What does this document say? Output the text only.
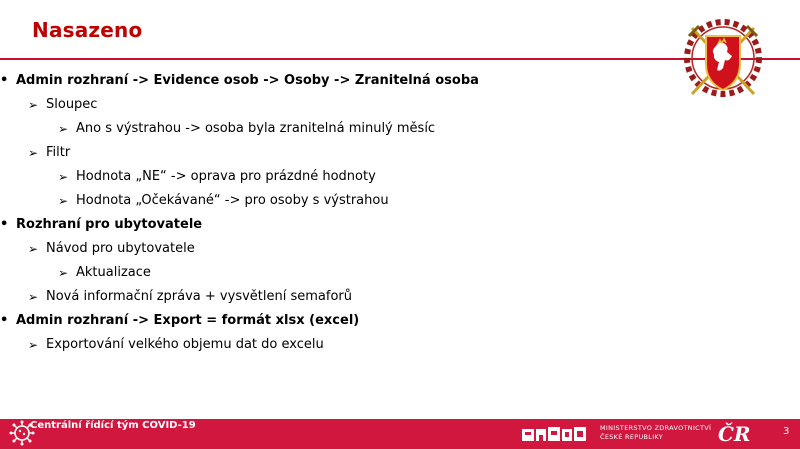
Nasazeno
• Admin rozhraní -> Evidence osob -> Osoby -> Zranitelná osoba
➢ Sloupec
➢ Ano s výstrahou -> osoba byla zranitelná minulý měsíc
➢ Filtr
➢ Hodnota „NE“ -> oprava pro prázdné hodnoty
➢ Hodnota „Očekávané“ -> pro osoby s výstrahou
• Rozhraní pro ubytovatele
➢ Návod pro ubytovatele
➢ Aktualizace
➢ Nová informační zpráva + vysvětlení semaforů
• Admin rozhraní -> Export = formát xlsx (excel)
➢ Exportování velkého objemu dat do excelu
Centrální řídící tým COVID-19	MINISTERSTVO ZDRAVOTNICTVÍ
ČESKÉ REPUBLIKY	ČR	3
